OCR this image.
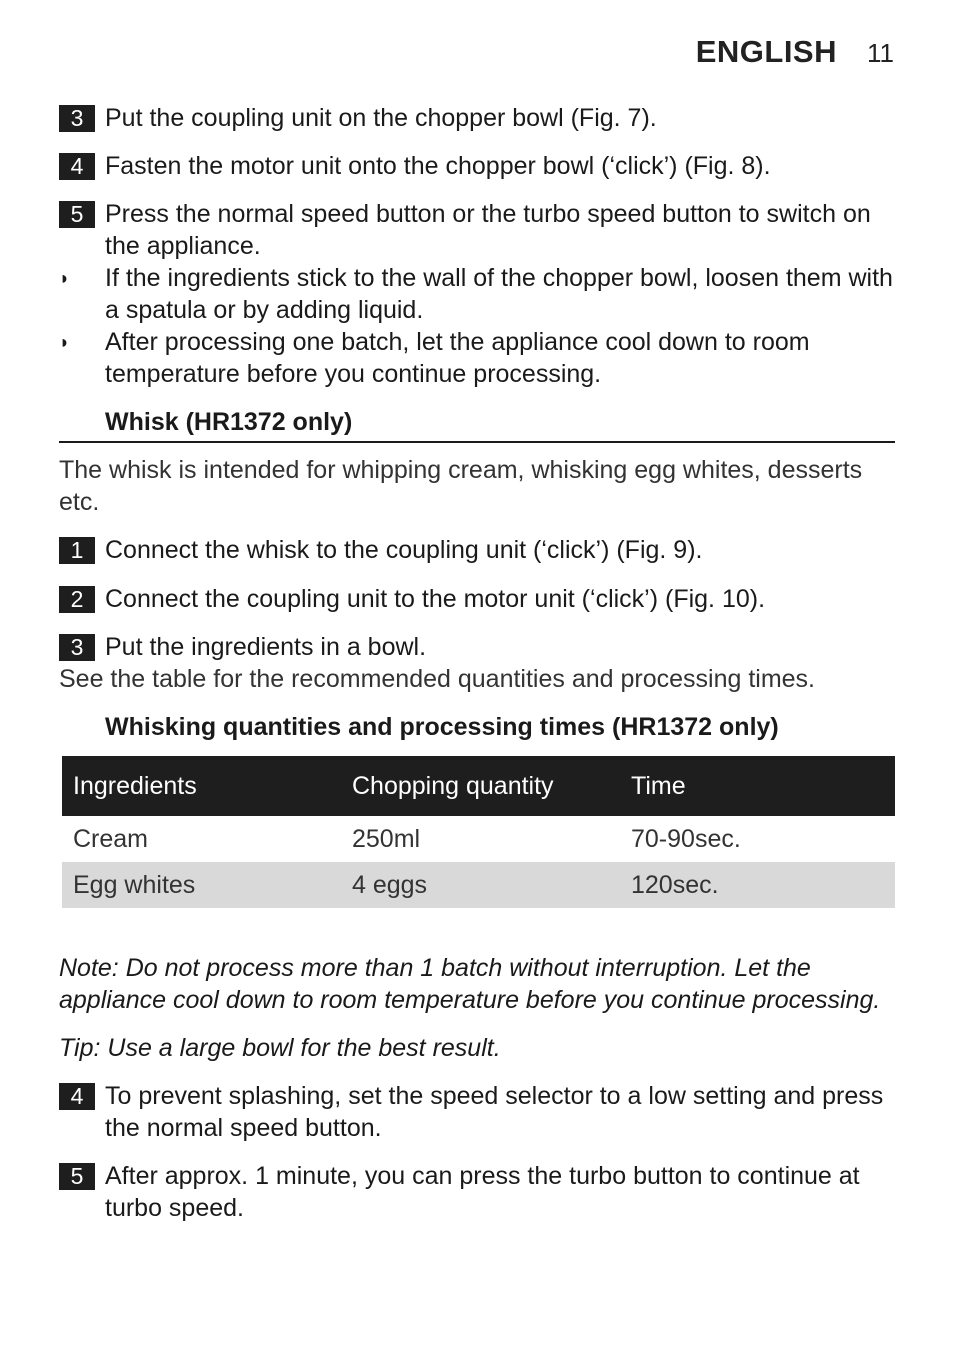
ENGLISH 11
3 Put the coupling unit on the chopper bowl (Fig. 7).
4 Fasten the motor unit onto the chopper bowl (‘click’) (Fig. 8).
5 Press the normal speed button or the turbo speed button to switch on the appliance.
◗ If the ingredients stick to the wall of the chopper bowl, loosen them with a spatula or by adding liquid.
◗ After processing one batch, let the appliance cool down to room temperature before you continue processing.
Whisk (HR1372 only)
The whisk is intended for whipping cream, whisking egg whites, desserts etc.
1 Connect the whisk to the coupling unit (‘click’) (Fig. 9).
2 Connect the coupling unit to the motor unit (‘click’) (Fig. 10).
3 Put the ingredients in a bowl.
See the table for the recommended quantities and processing times.
Whisking quantities and processing times (HR1372 only)
Ingredients	Chopping quantity	Time
Cream	250ml	70-90sec.
Egg whites	4 eggs	120sec.
Note: Do not process more than 1 batch without interruption. Let the appliance cool down to room temperature before you continue processing.
Tip: Use a large bowl for the best result.
4 To prevent splashing, set the speed selector to a low setting and press the normal speed button.
5 After approx. 1 minute, you can press the turbo button to continue at turbo speed.
